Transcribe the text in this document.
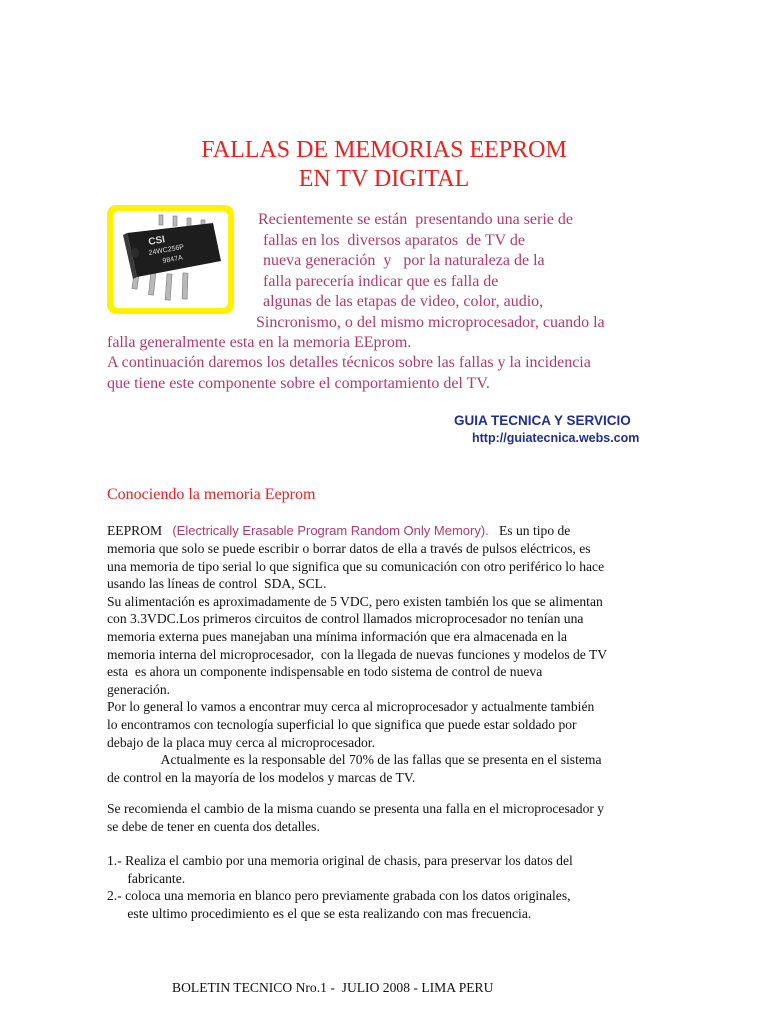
FALLAS DE MEMORIAS EEPROM
EN TV DIGITAL
CSI
24WC256P
9847A
Recientemente se están  presentando una serie de
fallas en los  diversos aparatos  de TV de
nueva generación  y   por la naturaleza de la
falla parecería indicar que es falla de
algunas de las etapas de video, color, audio,
Sincronismo, o del mismo microprocesador, cuando la
falla generalmente esta en la memoria EEprom.
A continuación daremos los detalles técnicos sobre las fallas y la incidencia
que tiene este componente sobre el comportamiento del TV.
GUIA TECNICA Y SERVICIO
http://guiatecnica.webs.com
Conociendo la memoria Eeprom
EEPROM (Electrically Erasable Program Random Only Memory). Es un tipo de
memoria que solo se puede escribir o borrar datos de ella a través de pulsos eléctricos, es
una memoria de tipo serial lo que significa que su comunicación con otro periférico lo hace
usando las líneas de control  SDA, SCL.
Su alimentación es aproximadamente de 5 VDC, pero existen también los que se alimentan
con 3.3VDC.Los primeros circuitos de control llamados microprocesador no tenían una
memoria externa pues manejaban una mínima información que era almacenada en la
memoria interna del microprocesador,  con la llegada de nuevas funciones y modelos de TV
esta  es ahora un componente indispensable en todo sistema de control de nueva
generación.
Por lo general lo vamos a encontrar muy cerca al microprocesador y actualmente también
lo encontramos con tecnología superficial lo que significa que puede estar soldado por
debajo de la placa muy cerca al microprocesador.
Actualmente es la responsable del 70% de las fallas que se presenta en el sistema
de control en la mayoría de los modelos y marcas de TV.
Se recomienda el cambio de la misma cuando se presenta una falla en el microprocesador y
se debe de tener en cuenta dos detalles.
1.- Realiza el cambio por una memoria original de chasis, para preservar los datos del
fabricante.
2.- coloca una memoria en blanco pero previamente grabada con los datos originales,
este ultimo procedimiento es el que se esta realizando con mas frecuencia.
BOLETIN TECNICO Nro.1 -  JULIO 2008 - LIMA PERU
